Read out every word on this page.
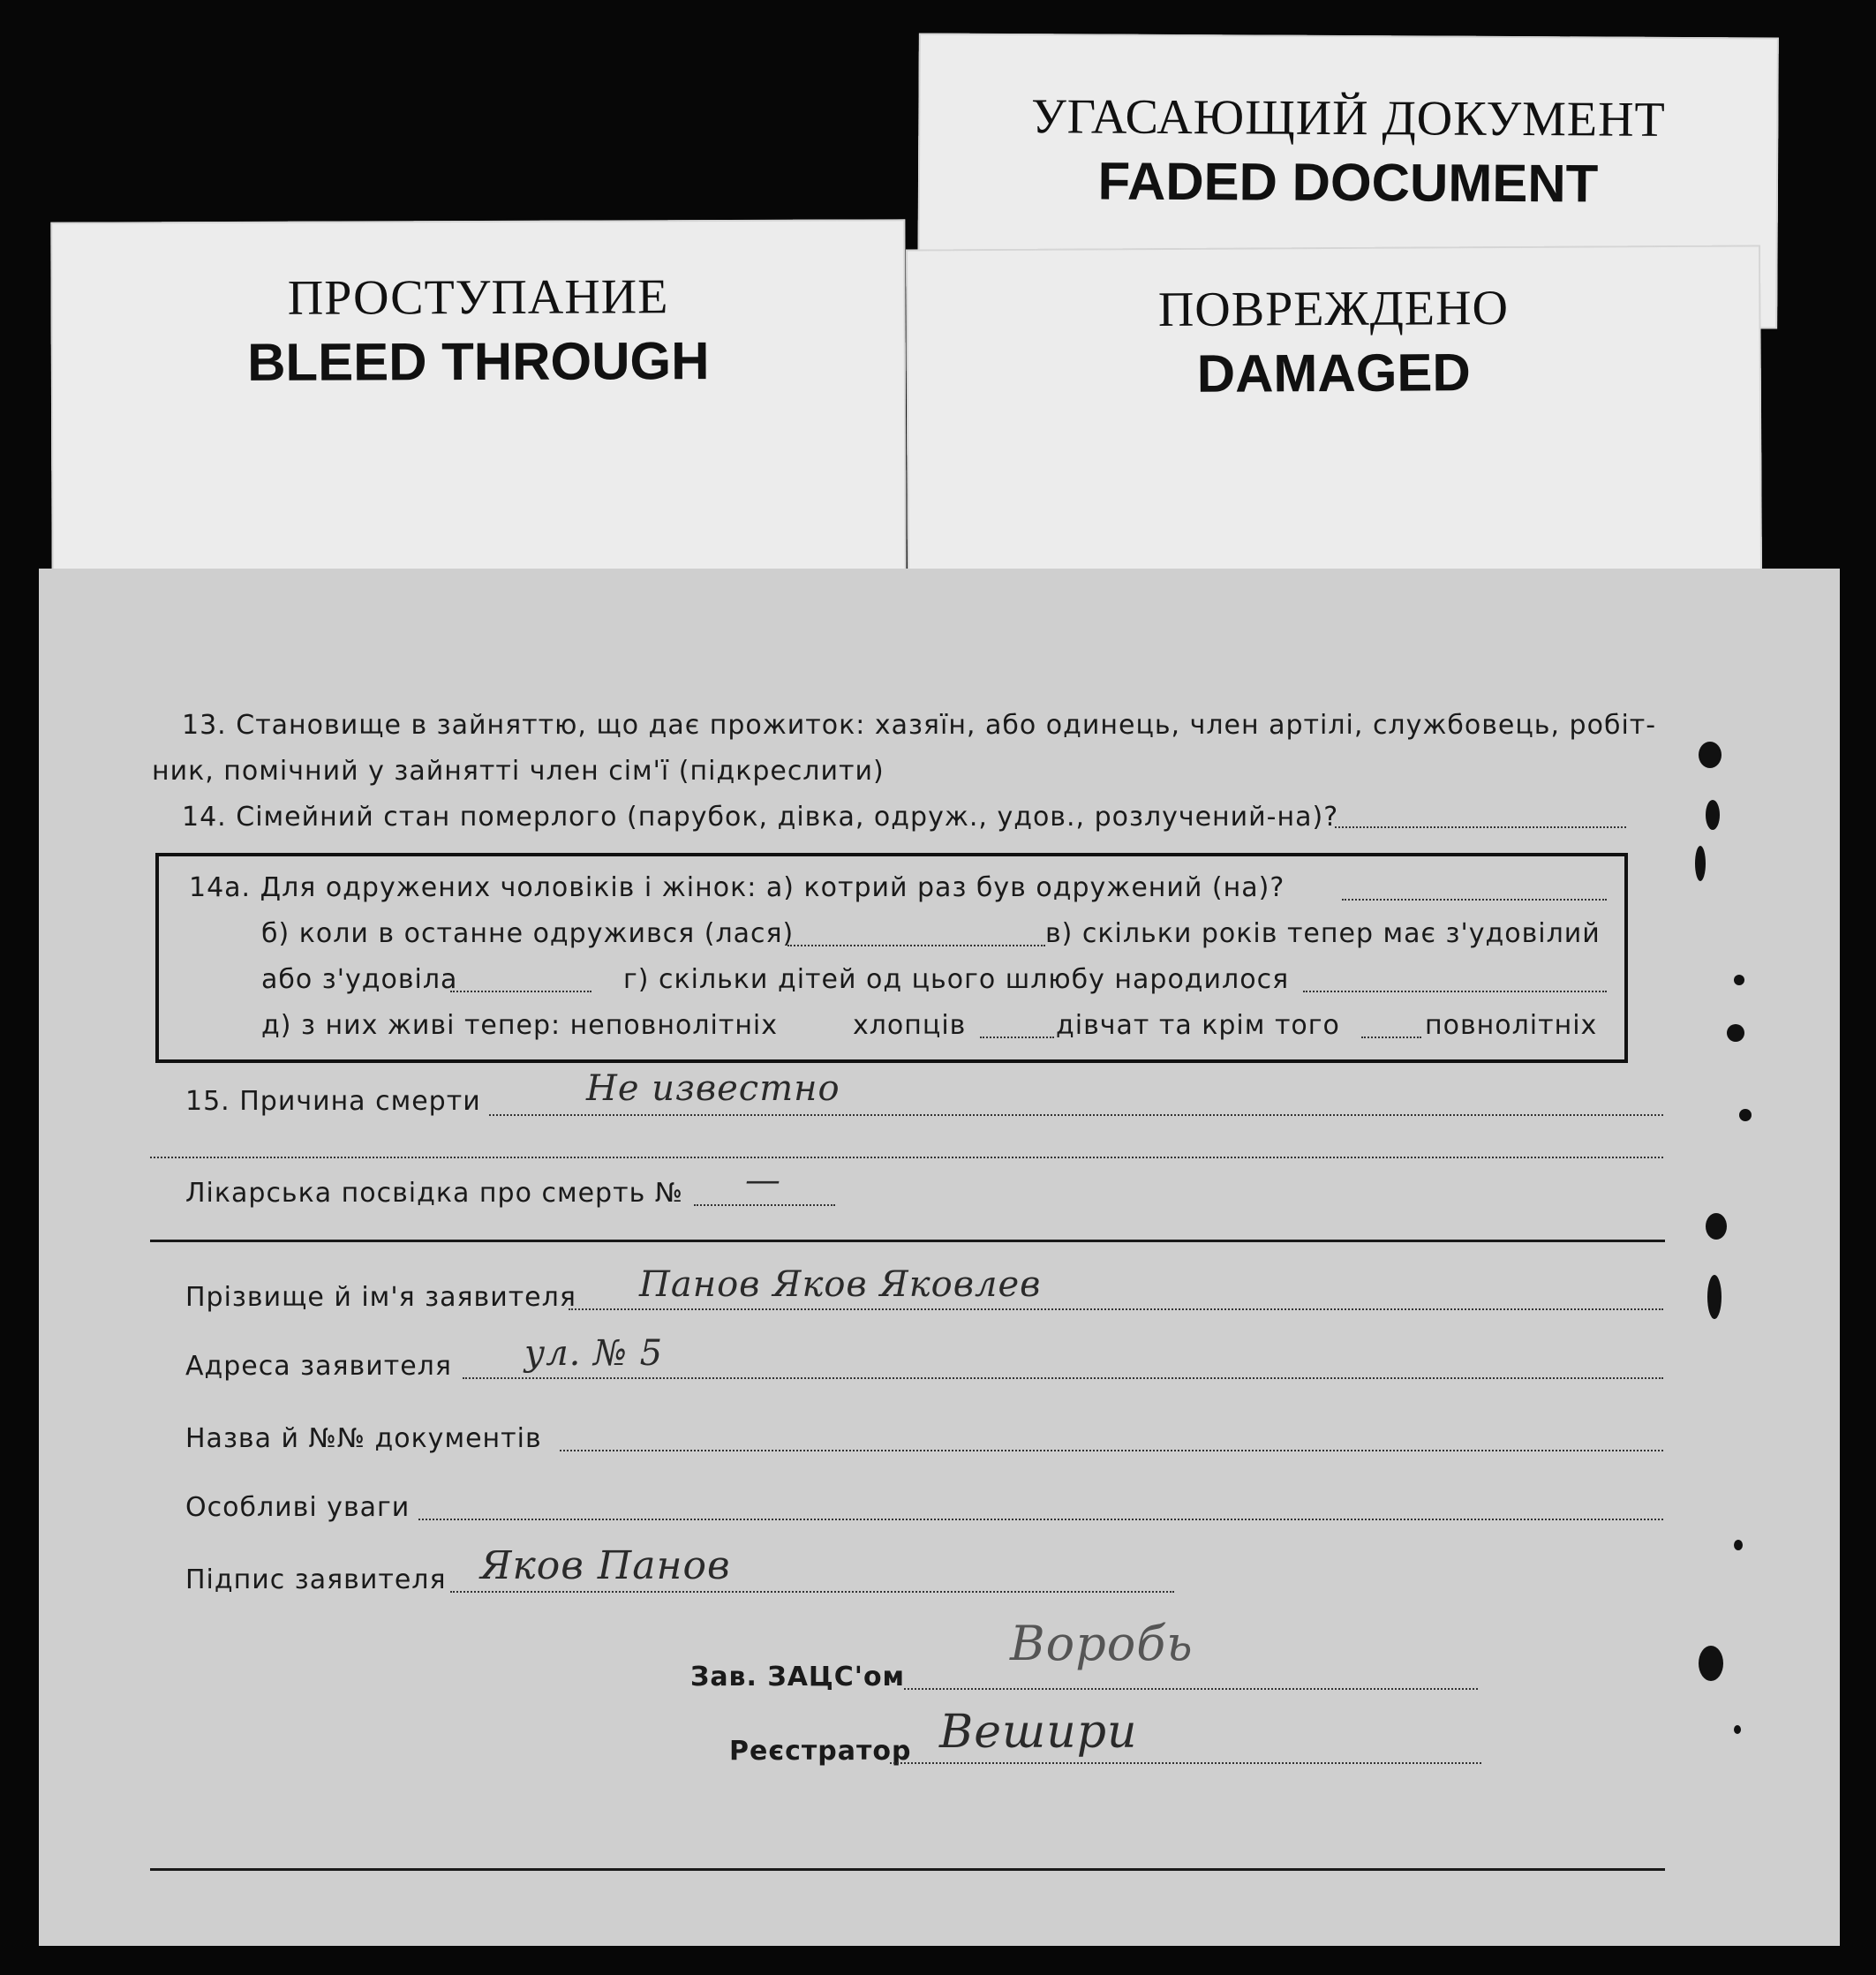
УГАСАЮЩИЙ ДОКУМЕНТ
FADED DOCUMENT
ПРОСТУПАНИЕ
BLEED THROUGH
ПОВРЕЖДЕНО
DAMAGED
13. Становище в зайняттю, що дає прожиток: хазяїн, або одинець, член артілі, службовець, робіт-
ник, помічний у зайнятті член сім'ї (підкреслити)
14. Сімейний стан померлого (парубок, дівка, одруж., удов., розлучений-на)?
14а. Для одружених чоловіків і жінок: а) котрий раз був одружений (на)?
б) коли в останне одружився (лася)	в) скільки років тепер має з'удовілий
або з'удовіла	г) скільки дітей од цього шлюбу народилося
д) з них живі тепер: неповнолітніх	хлопців	дівчат та крім того	повнолітніх
15. Причина смерти	Не известно
Лікарська посвідка про смерть № —
Прізвище й ім'я заявителя Панов Яков Яковлев
Адреса заявителя ул. № 5
Назва й №№ документів
Особливі уваги
Підпис заявителя Яков Панов
Зав. ЗАЦС'ом
Воробь
Реєстратор Вешири
